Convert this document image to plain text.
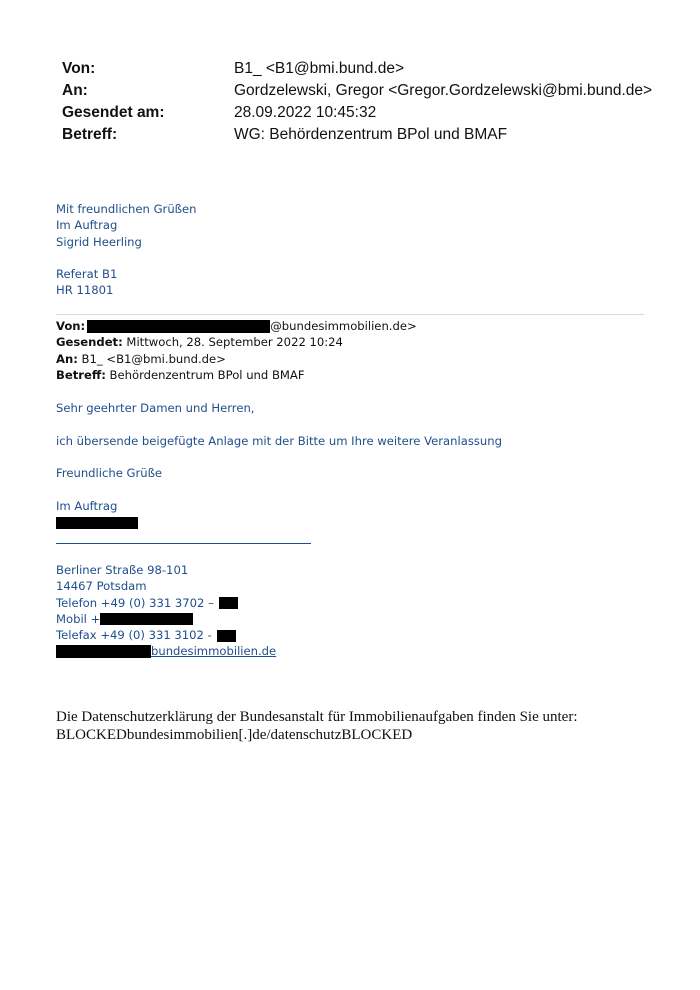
Von:	B1_ <B1@bmi.bund.de>
An:	Gordzelewski, Gregor <Gregor.Gordzelewski@bmi.bund.de>
Gesendet am:	28.09.2022 10:45:32
Betreff:	WG: Behördenzentrum BPol und BMAF
Mit freundlichen Grüßen
Im Auftrag
Sigrid Heerling
Referat B1
HR 11801
Von:	@bundesimmobilien.de>
Gesendet: Mittwoch, 28. September 2022 10:24
An: B1_ <B1@bmi.bund.de>
Betreff: Behördenzentrum BPol und BMAF
Sehr geehrter Damen und Herren,
ich übersende beigefügte Anlage mit der Bitte um Ihre weitere Veranlassung
Freundliche Grüße
Im Auftrag
Berliner Straße 98-101
14467 Potsdam
Telefon +49 (0) 331 3702 –
Mobil +
Telefax +49 (0) 331 3102 -
bundesimmobilien.de
Die Datenschutzerklärung der Bundesanstalt für Immobilienaufgaben finden Sie unter:
BLOCKEDbundesimmobilien[.]de/datenschutzBLOCKED
